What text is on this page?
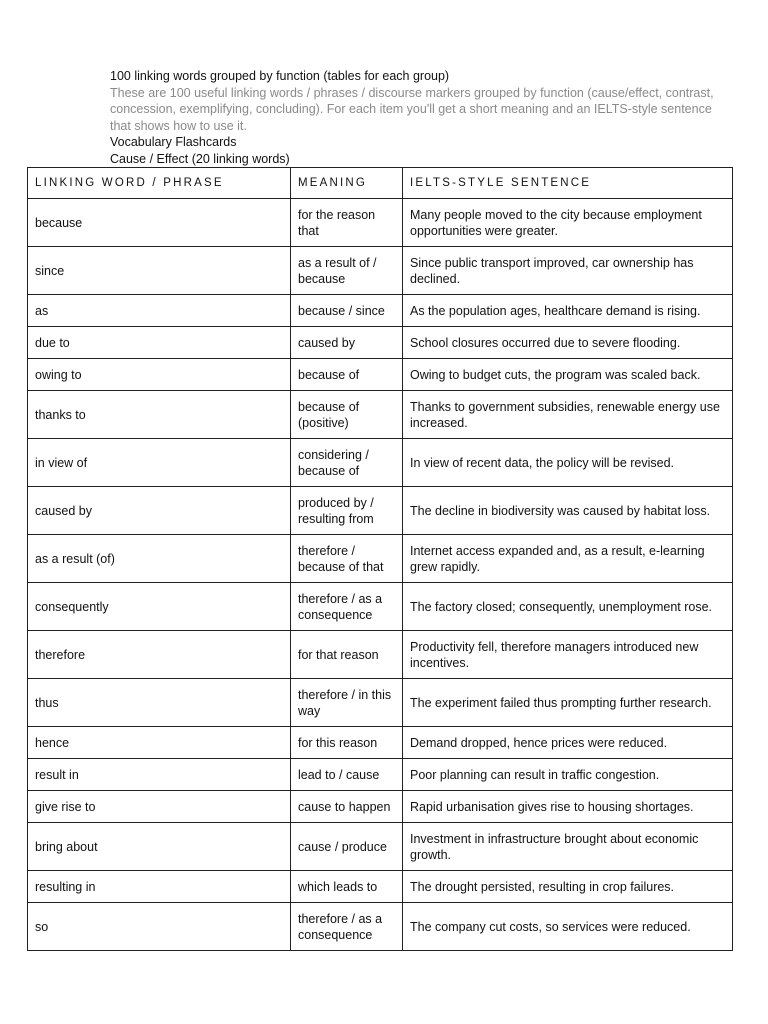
100 linking words grouped by function (tables for each group)
These are 100 useful linking words / phrases / discourse markers grouped by function (cause/effect, contrast, concession, exemplifying, concluding). For each item you'll get a short meaning and an IELTS-style sentence that shows how to use it.
Vocabulary Flashcards
Cause / Effect (20 linking words)
LINKING WORD / PHRASE	MEANING	IELTS-STYLE SENTENCE
because	for the reason that	Many people moved to the city because employment opportunities were greater.
since	as a result of / because	Since public transport improved, car ownership has declined.
as	because / since	As the population ages, healthcare demand is rising.
due to	caused by	School closures occurred due to severe flooding.
owing to	because of	Owing to budget cuts, the program was scaled back.
thanks to	because of (positive)	Thanks to government subsidies, renewable energy use increased.
in view of	considering / because of	In view of recent data, the policy will be revised.
caused by	produced by / resulting from	The decline in biodiversity was caused by habitat loss.
as a result (of)	therefore / because of that	Internet access expanded and, as a result, e-learning grew rapidly.
consequently	therefore / as a consequence	The factory closed; consequently, unemployment rose.
therefore	for that reason	Productivity fell, therefore managers introduced new incentives.
thus	therefore / in this way	The experiment failed thus prompting further research.
hence	for this reason	Demand dropped, hence prices were reduced.
result in	lead to / cause	Poor planning can result in traffic congestion.
give rise to	cause to happen	Rapid urbanisation gives rise to housing shortages.
bring about	cause / produce	Investment in infrastructure brought about economic growth.
resulting in	which leads to	The drought persisted, resulting in crop failures.
so	therefore / as a consequence	The company cut costs, so services were reduced.
